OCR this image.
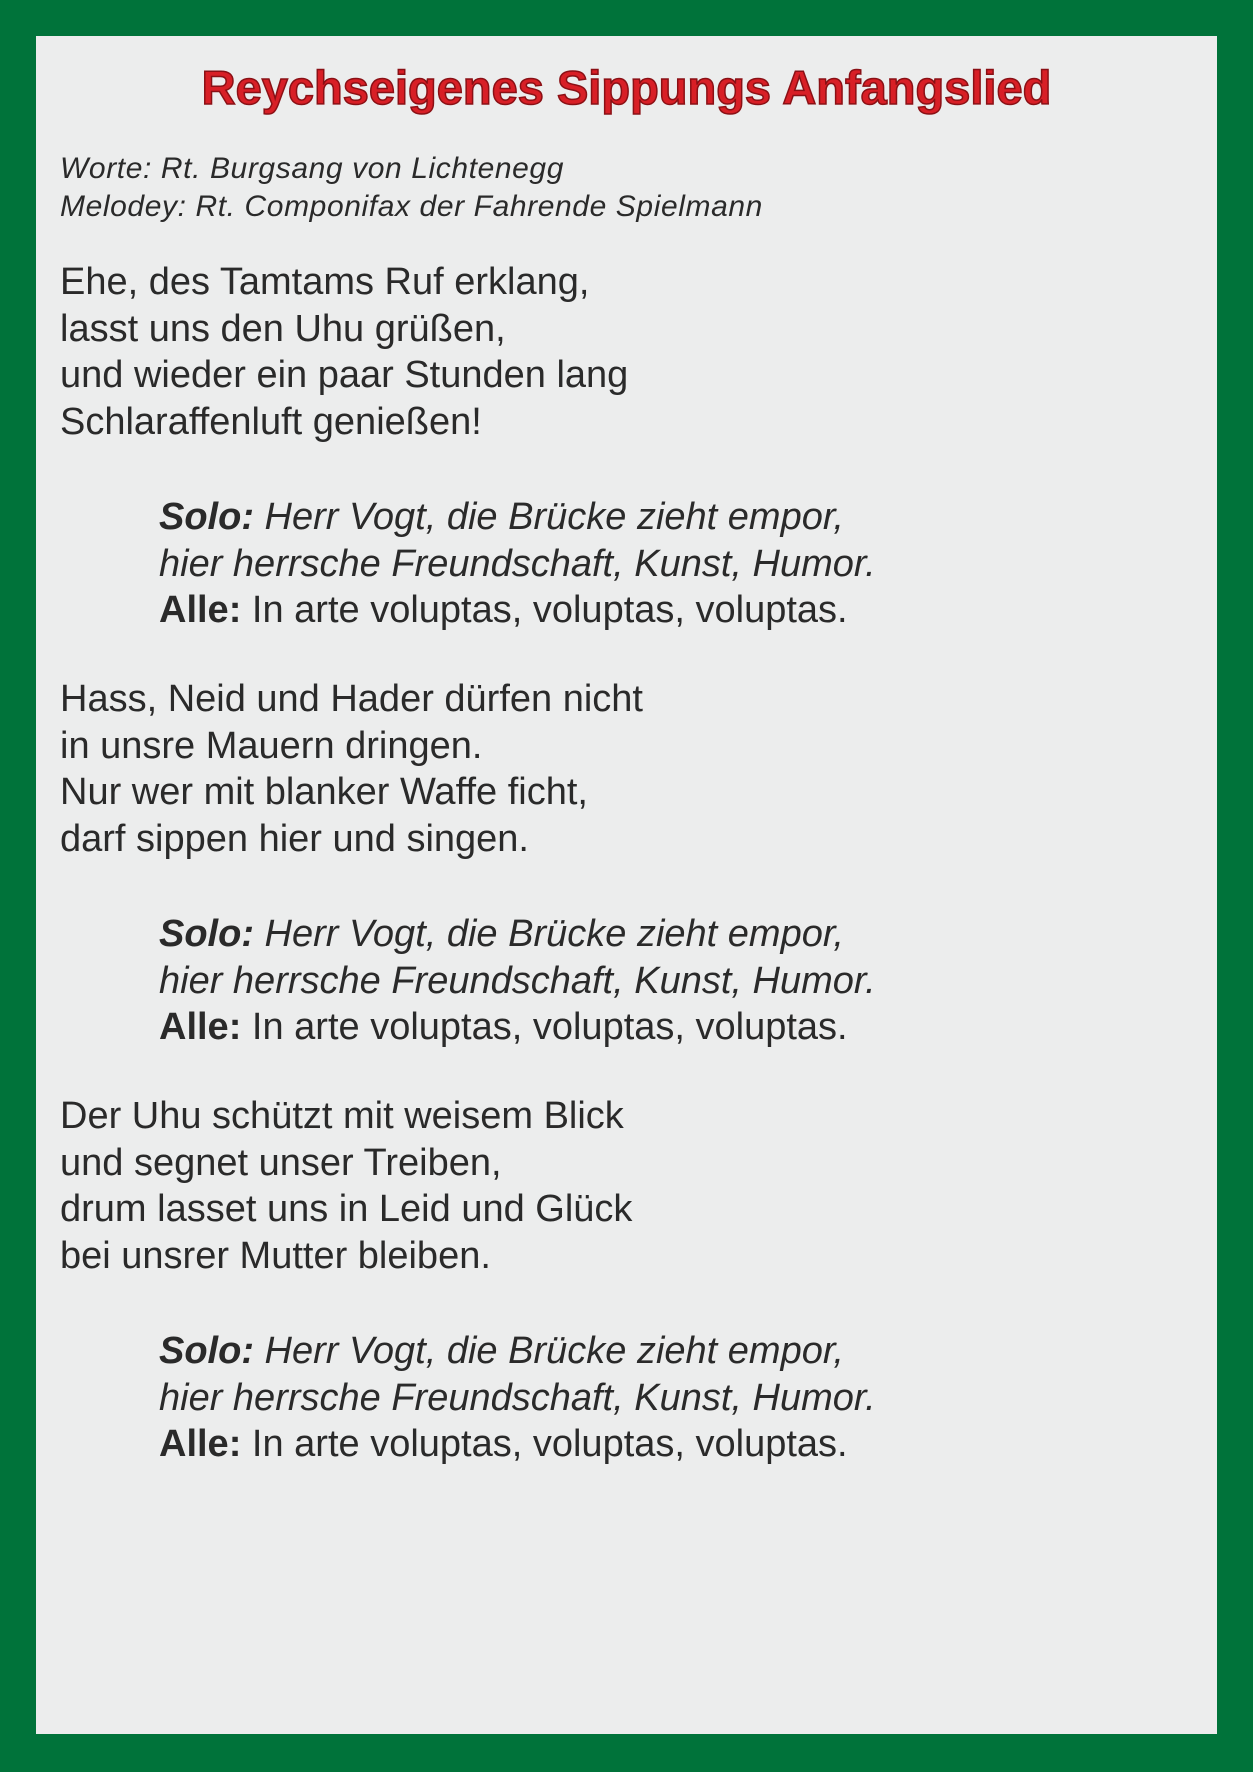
Reychseigenes Sippungs Anfangslied
Worte: Rt. Burgsang von Lichtenegg
Melodey: Rt. Componifax der Fahrende Spielmann
Ehe, des Tamtams Ruf erklang,
lasst uns den Uhu grüßen,
und wieder ein paar Stunden lang
Schlaraffenluft genießen!
Solo: Herr Vogt, die Brücke zieht empor,
hier herrsche Freundschaft, Kunst, Humor.
Alle: In arte voluptas, voluptas, voluptas.
Hass, Neid und Hader dürfen nicht
in unsre Mauern dringen.
Nur wer mit blanker Waffe ficht,
darf sippen hier und singen.
Solo: Herr Vogt, die Brücke zieht empor,
hier herrsche Freundschaft, Kunst, Humor.
Alle: In arte voluptas, voluptas, voluptas.
Der Uhu schützt mit weisem Blick
und segnet unser Treiben,
drum lasset uns in Leid und Glück
bei unsrer Mutter bleiben.
Solo: Herr Vogt, die Brücke zieht empor,
hier herrsche Freundschaft, Kunst, Humor.
Alle: In arte voluptas, voluptas, voluptas.
